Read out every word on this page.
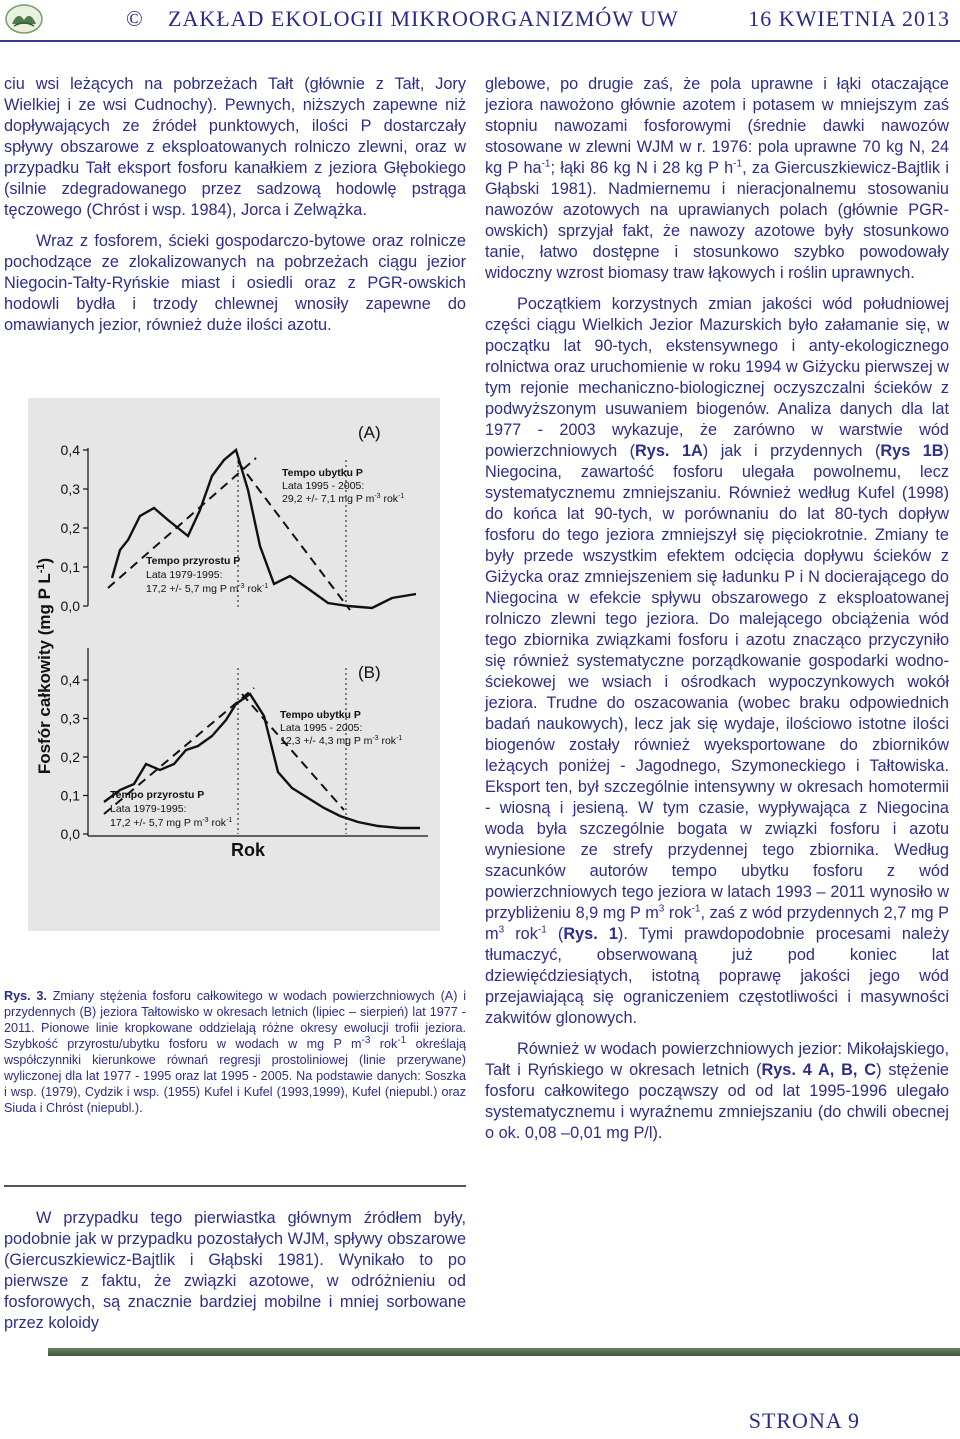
© ZAKŁAD EKOLOGII MIKROORGANIZMÓW UW	16 KWIETNIA 2013

ciu wsi leżących na pobrzeżach Tałt (głównie z Tałt, Jory Wielkiej i ze wsi Cudnochy). Pewnych, niższych zapewne niż dopływających ze źródeł punktowych, ilości P dostarczały spływy obszarowe z eksploatowanych rolniczo zlewni, oraz w przypadku Tałt eksport fosforu kanałkiem z jeziora Głębokiego (silnie zdegradowanego przez sadzową hodowlę pstrąga tęczowego (Chróst i wsp. 1984), Jorca i Zelwążka.

Wraz z fosforem, ścieki gospodarczo-bytowe oraz rolnicze pochodzące ze zlokalizowanych na pobrzeżach ciągu jezior Niegocin-Tałty-Ryńskie miast i osiedli oraz z PGR-owskich hodowli bydła i trzody chlewnej wnosiły zapewne do omawianych jezior, również duże ilości azotu.

Fosfór całkowity (mg P $L^{-1}$)
0,4
0,3
0,2
0,1
0,0
(A)
Tempo ubytku P
Lata 1995 - 2005:
29,2 +/- 7,1 mg P $m^{-3}$ rok$^{-1}$
Tempo przyrostu P
Lata 1979-1995:
17,2 +/- 5,7 mg P $m^{-3}$ rok$^{-1}$
0,4
0,3
0,2
0,1
0,0
(B)
Tempo ubytku P
Lata 1995 - 2005:
12,3 +/- 4,3 mg P $m^{-3}$ rok$^{-1}$
Tempo przyrostu P
Lata 1979-1995:
17,2 +/- 5,7 mg P $m^{-3}$ rok$^{-1}$
Rok
Rys. 3. Zmiany stężenia fosforu całkowitego w wodach powierzchniowych (A) i przydennych (B) jeziora Tałtowisko w okresach letnich (lipiec – sierpień) lat 1977 - 2011. Pionowe linie kropkowane oddzielają różne okresy ewolucji trofii jeziora. Szybkość przyrostu/ubytku fosforu w wodach w mg P $m^{-3}$ rok$^{-1}$ określają współczynniki kierunkowe równań regresji prostoliniowej (linie przerywane) wyliczonej dla lat 1977 - 1995 oraz lat 1995 - 2005. Na podstawie danych: Soszka i wsp. (1979), Cydzik i wsp. (1955) Kufel i Kufel (1993,1999), Kufel (niepubl.) oraz Siuda i Chróst (niepubl.).

W przypadku tego pierwiastka głównym źródłem były, podobnie jak w przypadku pozostałych WJM, spływy obszarowe (Giercuszkiewicz-Bajtlik i Głąbski 1981). Wynikało to po pierwsze z faktu, że związki azotowe, w odróżnieniu od fosforowych, są znacznie bardziej mobilne i mniej sorbowane przez koloidy

glebowe, po drugie zaś, że pola uprawne i łąki otaczające jeziora nawożono głównie azotem i potasem w mniejszym zaś stopniu nawozami fosforowymi (średnie dawki nawozów stosowane w zlewni WJM w r. 1976: pola uprawne 70 kg N, 24 kg P $ha^{-1}$; łąki 86 kg N i 28 kg P $h^{-1}$, za Giercuszkiewicz-Bajtlik i Głąbski 1981). Nadmiernemu i nieracjonalnemu stosowaniu nawozów azotowych na uprawianych polach (głównie PGR-owskich) sprzyjał fakt, że nawozy azotowe były stosunkowo tanie, łatwo dostępne i stosunkowo szybko powodowały widoczny wzrost biomasy traw łąkowych i roślin uprawnych.

Początkiem korzystnych zmian jakości wód południowej części ciągu Wielkich Jezior Mazurskich było załamanie się, w początku lat 90-tych, ekstensywnego i anty-ekologicznego rolnictwa oraz uruchomienie w roku 1994 w Giżycku pierwszej w tym rejonie mechaniczno-biologicznej oczyszczalni ścieków z podwyższonym usuwaniem biogenów. Analiza danych dla lat 1977 - 2003 wykazuje, że zarówno w warstwie wód powierzchniowych (Rys. 1A) jak i przydennych (Rys 1B) Niegocina, zawartość fosforu ulegała powolnemu, lecz systematycznemu zmniejszaniu. Również według Kufel (1998) do końca lat 90-tych, w porównaniu do lat 80-tych dopływ fosforu do tego jeziora zmniejszył się pięciokrotnie. Zmiany te były przede wszystkim efektem odcięcia dopływu ścieków z Giżycka oraz zmniejszeniem się ładunku P i N docierającego do Niegocina w efekcie spływu obszarowego z eksploatowanej rolniczo zlewni tego jeziora. Do malejącego obciążenia wód tego zbiornika związkami fosforu i azotu znacząco przyczyniło się również systematyczne porządkowanie gospodarki wodno-ściekowej we wsiach i ośrodkach wypoczynkowych wokół jeziora. Trudne do oszacowania (wobec braku odpowiednich badań naukowych), lecz jak się wydaje, ilościowo istotne ilości biogenów zostały również wyeksportowane do zbiorników leżących poniżej - Jagodnego, Szymoneckiego i Tałtowiska. Eksport ten, był szczególnie intensywny w okresach homotermii - wiosną i jesieną. W tym czasie, wypływająca z Niegocina woda była szczególnie bogata w związki fosforu i azotu wyniesione ze strefy przydennej tego zbiornika. Według szacunków autorów tempo ubytku fosforu z wód powierzchniowych tego jeziora w latach 1993 – 2011 wynosiło w przybliżeniu 8,9 mg P $m^3$ rok$^{-1}$, zaś z wód przydennych 2,7 mg P $m^3$ rok$^{-1}$ (Rys. 1). Tymi prawdopodobnie procesami należy tłumaczyć, obserwowaną już pod koniec lat dziewięćdziesiątych, istotną poprawę jakości jego wód przejawiającą się ograniczeniem częstotliwości i masywności zakwitów glonowych.

Również w wodach powierzchniowych jezior: Mikołajskiego, Tałt i Ryńskiego w okresach letnich (Rys. 4 A, B, C) stężenie fosforu całkowitego począwszy od od lat 1995-1996 ulegało systematycznemu i wyraźnemu zmniejszaniu (do chwili obecnej o ok. 0,08 –0,01 mg P/l).

STRONA 9
